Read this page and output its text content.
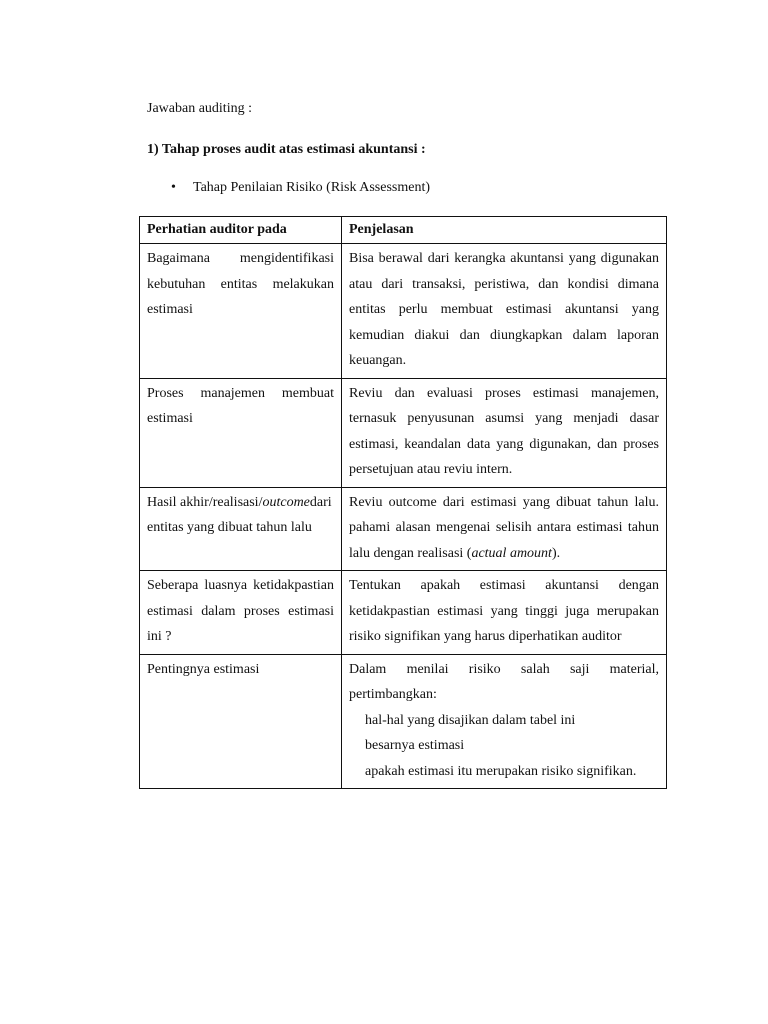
Jawaban auditing :
1) Tahap proses audit atas estimasi akuntansi :
• Tahap Penilaian Risiko (Risk Assessment)
Perhatian auditor pada	Penjelasan
Bagaimana mengidentifikasi kebutuhan entitas melakukan estimasi	Bisa berawal dari kerangka akuntansi yang digunakan atau dari transaksi, peristiwa, dan kondisi dimana entitas perlu membuat estimasi akuntansi yang kemudian diakui dan diungkapkan dalam laporan keuangan.
Proses manajemen membuat estimasi	Reviu dan evaluasi proses estimasi manajemen, ternasuk penyusunan asumsi yang menjadi dasar estimasi, keandalan data yang digunakan, dan proses persetujuan atau reviu intern.
Hasil akhir/realisasi/outcomedari entitas yang dibuat tahun lalu	Reviu outcome dari estimasi yang dibuat tahun lalu. pahami alasan mengenai selisih antara estimasi tahun lalu dengan realisasi (actual amount).
Seberapa luasnya ketidakpastian estimasi dalam proses estimasi ini ?	Tentukan apakah estimasi akuntansi dengan ketidakpastian estimasi yang tinggi juga merupakan risiko signifikan yang harus diperhatikan auditor
Pentingnya estimasi	Dalam menilai risiko salah saji material, pertimbangkan:
hal-hal yang disajikan dalam tabel ini
besarnya estimasi
apakah estimasi itu merupakan risiko signifikan.
